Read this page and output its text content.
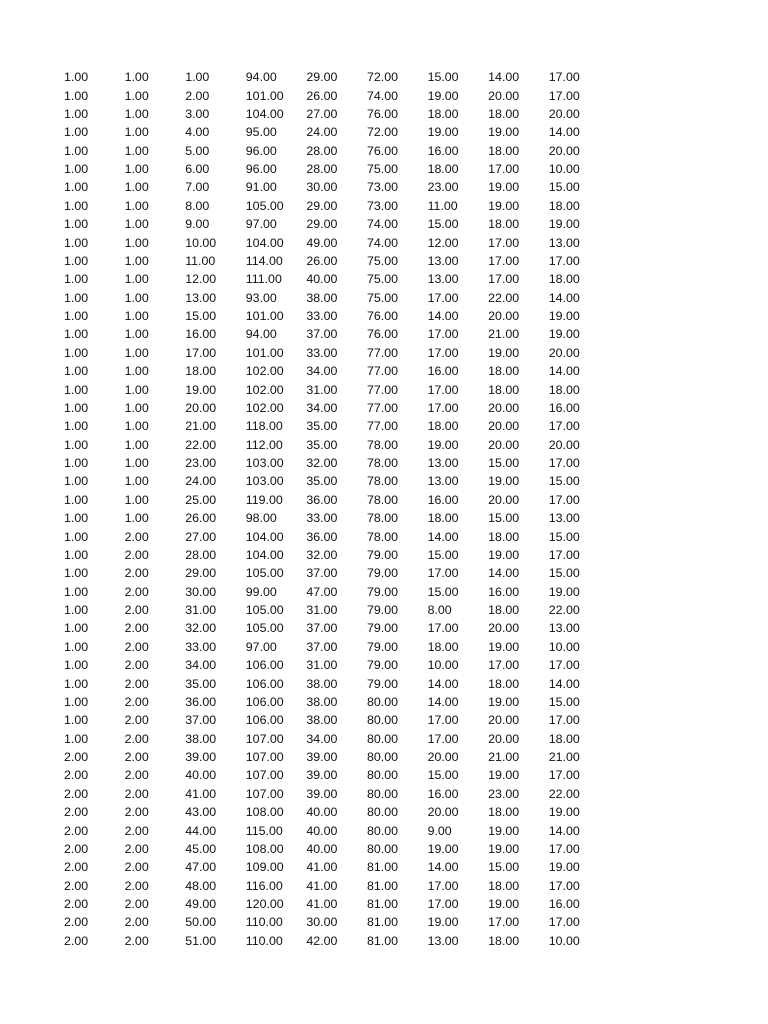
1.00	1.00	1.00	94.00	29.00	72.00	15.00	14.00	17.00
1.00	1.00	2.00	101.00	26.00	74.00	19.00	20.00	17.00
1.00	1.00	3.00	104.00	27.00	76.00	18.00	18.00	20.00
1.00	1.00	4.00	95.00	24.00	72.00	19.00	19.00	14.00
1.00	1.00	5.00	96.00	28.00	76.00	16.00	18.00	20.00
1.00	1.00	6.00	96.00	28.00	75.00	18.00	17.00	10.00
1.00	1.00	7.00	91.00	30.00	73.00	23.00	19.00	15.00
1.00	1.00	8.00	105.00	29.00	73.00	11.00	19.00	18.00
1.00	1.00	9.00	97.00	29.00	74.00	15.00	18.00	19.00
1.00	1.00	10.00	104.00	49.00	74.00	12.00	17.00	13.00
1.00	1.00	11.00	114.00	26.00	75.00	13.00	17.00	17.00
1.00	1.00	12.00	111.00	40.00	75.00	13.00	17.00	18.00
1.00	1.00	13.00	93.00	38.00	75.00	17.00	22.00	14.00
1.00	1.00	15.00	101.00	33.00	76.00	14.00	20.00	19.00
1.00	1.00	16.00	94.00	37.00	76.00	17.00	21.00	19.00
1.00	1.00	17.00	101.00	33.00	77.00	17.00	19.00	20.00
1.00	1.00	18.00	102.00	34.00	77.00	16.00	18.00	14.00
1.00	1.00	19.00	102.00	31.00	77.00	17.00	18.00	18.00
1.00	1.00	20.00	102.00	34.00	77.00	17.00	20.00	16.00
1.00	1.00	21.00	118.00	35.00	77.00	18.00	20.00	17.00
1.00	1.00	22.00	112.00	35.00	78.00	19.00	20.00	20.00
1.00	1.00	23.00	103.00	32.00	78.00	13.00	15.00	17.00
1.00	1.00	24.00	103.00	35.00	78.00	13.00	19.00	15.00
1.00	1.00	25.00	119.00	36.00	78.00	16.00	20.00	17.00
1.00	1.00	26.00	98.00	33.00	78.00	18.00	15.00	13.00
1.00	2.00	27.00	104.00	36.00	78.00	14.00	18.00	15.00
1.00	2.00	28.00	104.00	32.00	79.00	15.00	19.00	17.00
1.00	2.00	29.00	105.00	37.00	79.00	17.00	14.00	15.00
1.00	2.00	30.00	99.00	47.00	79.00	15.00	16.00	19.00
1.00	2.00	31.00	105.00	31.00	79.00	8.00	18.00	22.00
1.00	2.00	32.00	105.00	37.00	79.00	17.00	20.00	13.00
1.00	2.00	33.00	97.00	37.00	79.00	18.00	19.00	10.00
1.00	2.00	34.00	106.00	31.00	79.00	10.00	17.00	17.00
1.00	2.00	35.00	106.00	38.00	79.00	14.00	18.00	14.00
1.00	2.00	36.00	106.00	38.00	80.00	14.00	19.00	15.00
1.00	2.00	37.00	106.00	38.00	80.00	17.00	20.00	17.00
1.00	2.00	38.00	107.00	34.00	80.00	17.00	20.00	18.00
2.00	2.00	39.00	107.00	39.00	80.00	20.00	21.00	21.00
2.00	2.00	40.00	107.00	39.00	80.00	15.00	19.00	17.00
2.00	2.00	41.00	107.00	39.00	80.00	16.00	23.00	22.00
2.00	2.00	43.00	108.00	40.00	80.00	20.00	18.00	19.00
2.00	2.00	44.00	115.00	40.00	80.00	9.00	19.00	14.00
2.00	2.00	45.00	108.00	40.00	80.00	19.00	19.00	17.00
2.00	2.00	47.00	109.00	41.00	81.00	14.00	15.00	19.00
2.00	2.00	48.00	116.00	41.00	81.00	17.00	18.00	17.00
2.00	2.00	49.00	120.00	41.00	81.00	17.00	19.00	16.00
2.00	2.00	50.00	110.00	30.00	81.00	19.00	17.00	17.00
2.00	2.00	51.00	110.00	42.00	81.00	13.00	18.00	10.00
